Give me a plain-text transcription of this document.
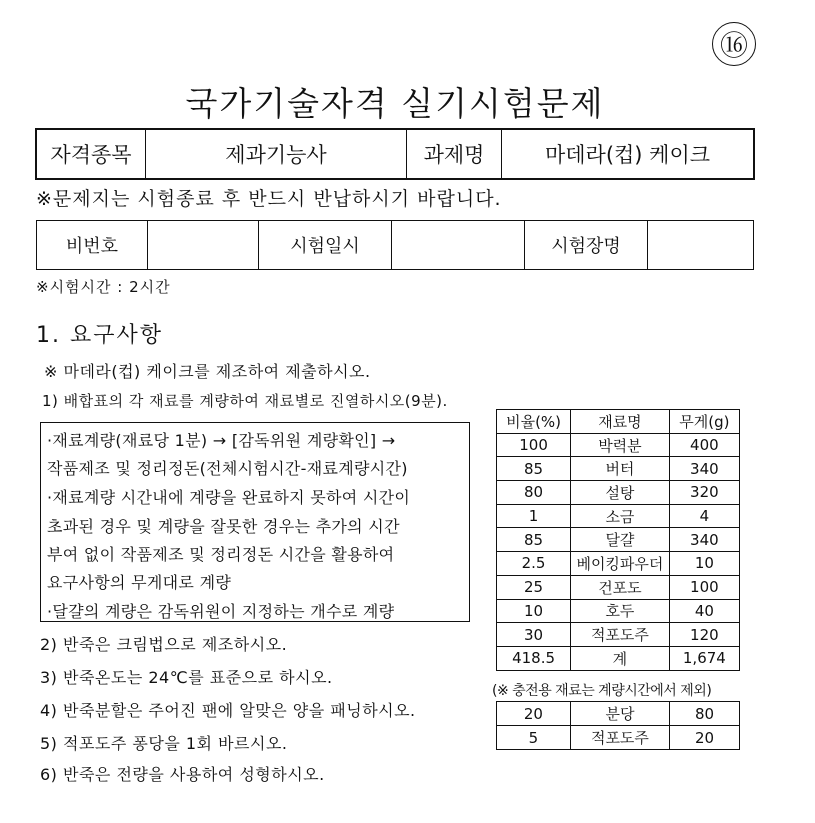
⑯
국가기술자격 실기시험문제
자격종목	제과기능사	과제명	마데라(컵) 케이크
※문제지는 시험종료 후 반드시 반납하시기 바랍니다.
비번호		시험일시		시험장명	
※시험시간 : 2시간
1. 요구사항
※ 마데라(컵) 케이크를 제조하여 제출하시오.
1) 배합표의 각 재료를 계량하여 재료별로 진열하시오(9분).
·재료계량(재료당 1분) → [감독위원 계량확인] →
작품제조 및 정리정돈(전체시험시간-재료계량시간)
·재료계량 시간내에 계량을 완료하지 못하여 시간이
초과된 경우 및 계량을 잘못한 경우는 추가의 시간
부여 없이 작품제조 및 정리정돈 시간을 활용하여
요구사항의 무게대로 계량
·달걀의 계량은 감독위원이 지정하는 개수로 계량
2) 반죽은 크림법으로 제조하시오.
3) 반죽온도는 24℃를 표준으로 하시오.
4) 반죽분할은 주어진 팬에 알맞은 양을 패닝하시오.
5) 적포도주 퐁당을 1회 바르시오.
6) 반죽은 전량을 사용하여 성형하시오.
비율(%)	재료명	무게(g)
100	박력분	400
85	버터	340
80	설탕	320
1	소금	4
85	달걀	340
2.5	베이킹파우더	10
25	건포도	100
10	호두	40
30	적포도주	120
418.5	계	1,674
(※ 충전용 재료는 계량시간에서 제외)
20	분당	80
5	적포도주	20
